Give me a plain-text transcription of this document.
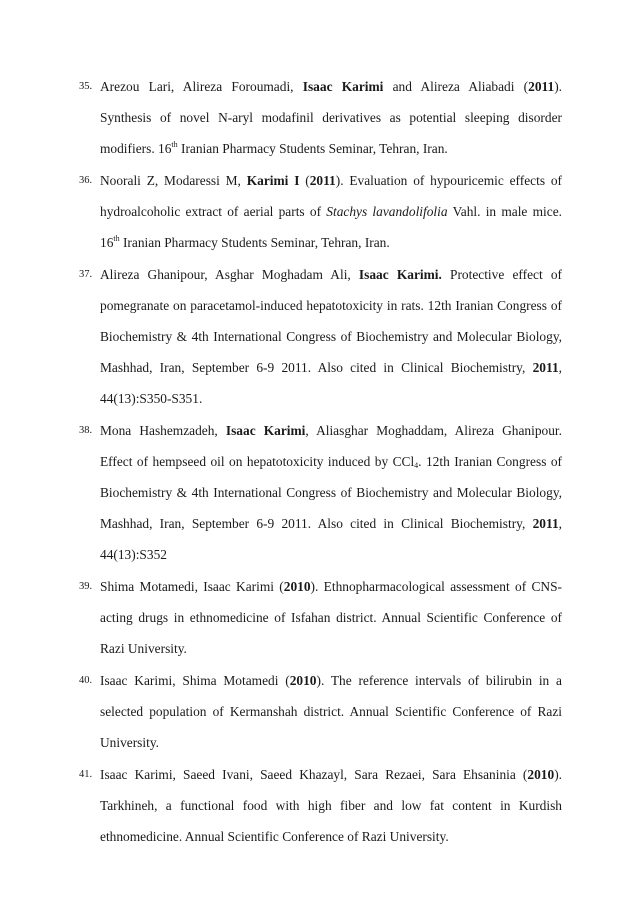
35. Arezou Lari, Alireza Foroumadi, Isaac Karimi and Alireza Aliabadi (2011). Synthesis of novel N-aryl modafinil derivatives as potential sleeping disorder modifiers. 16th Iranian Pharmacy Students Seminar, Tehran, Iran.
36. Noorali Z, Modaressi M, Karimi I (2011). Evaluation of hypouricemic effects of hydroalcoholic extract of aerial parts of Stachys lavandolifolia Vahl. in male mice. 16th Iranian Pharmacy Students Seminar, Tehran, Iran.
37. Alireza Ghanipour, Asghar Moghadam Ali, Isaac Karimi. Protective effect of pomegranate on paracetamol-induced hepatotoxicity in rats. 12th Iranian Congress of Biochemistry & 4th International Congress of Biochemistry and Molecular Biology, Mashhad, Iran, September 6-9 2011. Also cited in Clinical Biochemistry, 2011, 44(13):S350-S351.
38. Mona Hashemzadeh, Isaac Karimi, Aliasghar Moghaddam, Alireza Ghanipour. Effect of hempseed oil on hepatotoxicity induced by CCl$_4$. 12th Iranian Congress of Biochemistry & 4th International Congress of Biochemistry and Molecular Biology, Mashhad, Iran, September 6-9 2011. Also cited in Clinical Biochemistry, 2011, 44(13):S352
39. Shima Motamedi, Isaac Karimi (2010). Ethnopharmacological assessment of CNS-acting drugs in ethnomedicine of Isfahan district. Annual Scientific Conference of Razi University.
40. Isaac Karimi, Shima Motamedi (2010). The reference intervals of bilirubin in a selected population of Kermanshah district. Annual Scientific Conference of Razi University.
41. Isaac Karimi, Saeed Ivani, Saeed Khazayl, Sara Rezaei, Sara Ehsaninia (2010). Tarkhineh, a functional food with high fiber and low fat content in Kurdish ethnomedicine. Annual Scientific Conference of Razi University.
